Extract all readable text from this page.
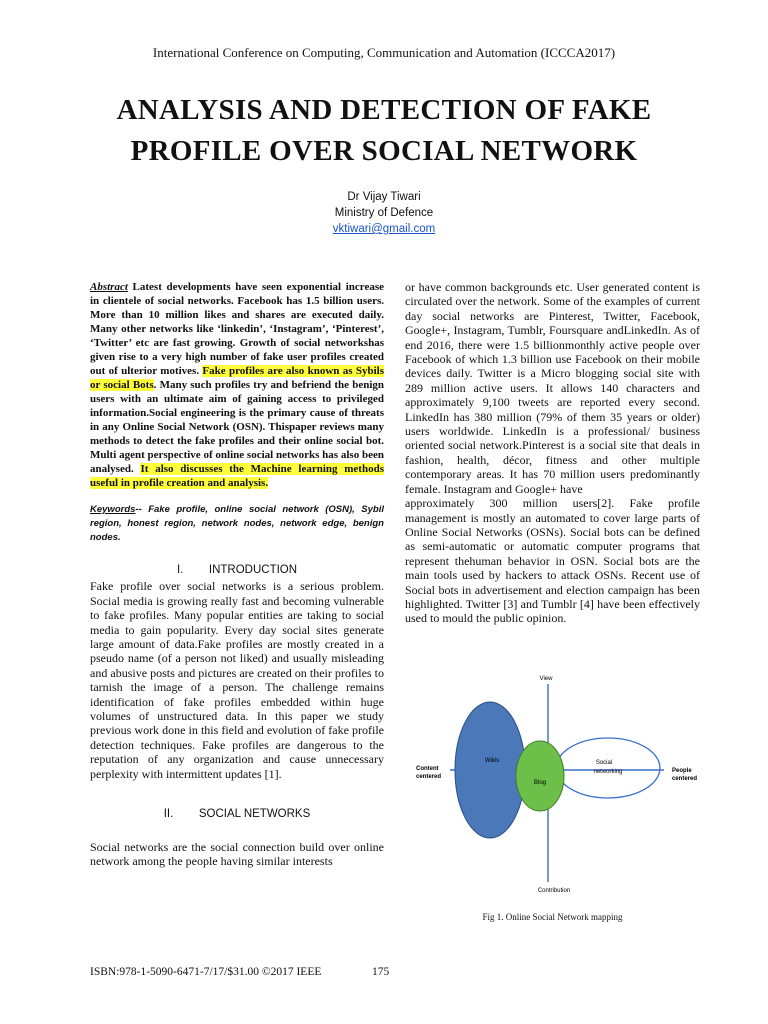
International Conference on Computing, Communication and Automation (ICCCA2017)
ANALYSIS AND DETECTION OF FAKE
PROFILE OVER SOCIAL NETWORK
Dr Vijay Tiwari
Ministry of Defence
vktiwari@gmail.com

Abstract Latest developments have seen exponential increase in clientele of social networks. Facebook has 1.5 billion users. More than 10 million likes and shares are executed daily. Many other networks like ‘linkedin’, ‘Instagram’, ‘Pinterest’, ‘Twitter’ etc are fast growing. Growth of social networkshas given rise to a very high number of fake user profiles created out of ulterior motives. Fake profiles are also known as Sybils or social Bots. Many such profiles try and befriend the benign users with an ultimate aim of gaining access to privileged information.Social engineering is the primary cause of threats in any Online Social Network (OSN). Thispaper reviews many methods to detect the fake profiles and their online social bot. Multi agent perspective of online social networks has also been analysed. It also discusses the Machine learning methods useful in profile creation and analysis.

Keywords-- Fake profile, online social network (OSN), Sybil region, honest region, network nodes, network edge, benign nodes.

I.        INTRODUCTION

Fake profile over social networks is a serious problem. Social media is growing really fast and becoming vulnerable to fake profiles. Many popular entities are taking to social media to gain popularity. Every day social sites generate large amount of data.Fake profiles are mostly created in a pseudo name (of a person not liked) and usually misleading and abusive posts and pictures are created on their profiles to tarnish the image of a person. The challenge remains identification of fake profiles embedded within huge volumes of unstructured data. In this paper we study previous work done in this field and evolution of fake profile detection techniques. Fake profiles are dangerous to the reputation of any organization and cause unnecessary perplexity with intermittent updates [1].

II.        SOCIAL NETWORKS

Social networks are the social connection build over online network among the people having similar interests

or have common backgrounds etc. User generated content is circulated over the network. Some of the examples of current day social networks are Pinterest, Twitter, Facebook, Google+, Instagram, Tumblr, Foursquare andLinkedIn. As of end 2016, there were 1.5 billionmonthly active people over Facebook of which 1.3 billion use Facebook on their mobile devices daily. Twitter is a Micro blogging social site with 289 million active users. It allows 140 characters and approximately 9,100 tweets are reported every second. LinkedIn has 380 million (79% of them 35 years or older) users worldwide. LinkedIn is a professional/ business oriented social network.Pinterest is a social site that deals in fashion, health, décor, fitness and other multiple contemporary areas. It has 70 million users predominantly female. Instagram and Google+ have

approximately 300 million users[2]. Fake profile management is mostly an automated to cover large parts of Online Social Networks (OSNs). Social bots can be defined as semi-automatic or automatic computer programs that represent thehuman behavior in OSN. Social bots are the main tools used by hackers to attack OSNs. Recent use of Social bots in advertisement and election campaign has been highlighted. Twitter [3] and Tumblr [4] have been effectively used to mould the public opinion.

View
Contribution
Content
centered
People
centered
Wikis
Blog
Social
networking
Fig 1. Online Social Network mapping
ISBN:978-1-5090-6471-7/17/$31.00 ©2017 IEEE	175
